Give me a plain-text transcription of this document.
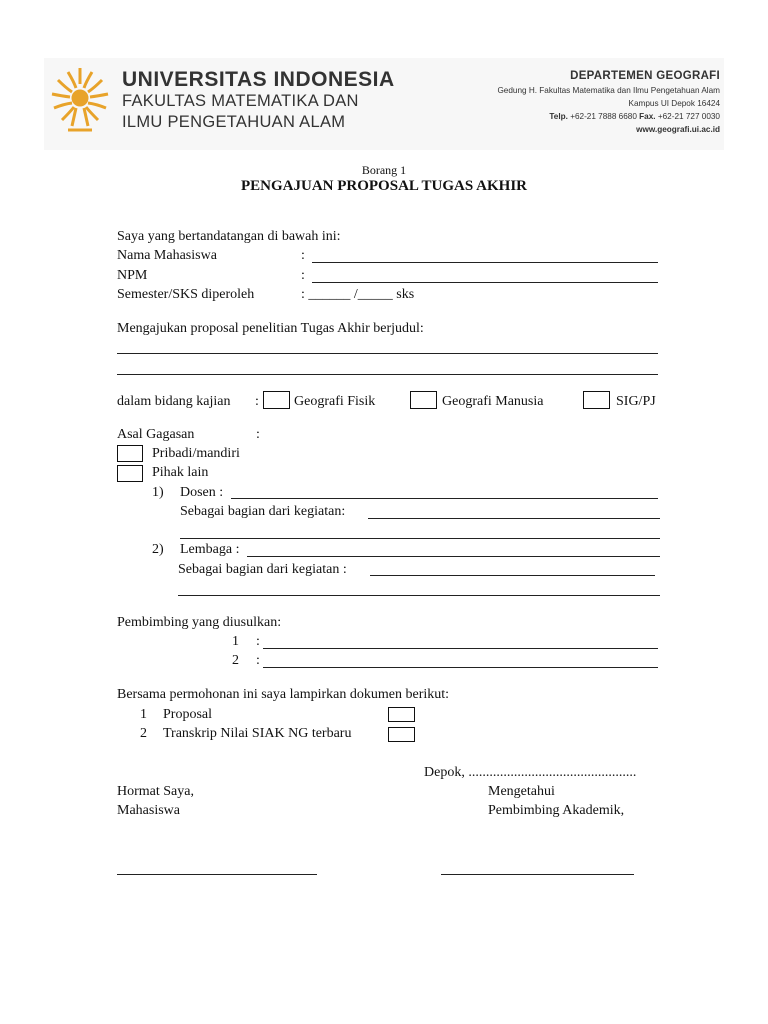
UNIVERSITAS INDONESIA
FAKULTAS MATEMATIKA DAN
ILMU PENGETAHUAN ALAM
DEPARTEMEN GEOGRAFI
Gedung H. Fakultas Matematika dan Ilmu Pengetahuan Alam
Kampus UI Depok 16424
Telp. +62-21 7888 6680 Fax. +62-21 727 0030
www.geografi.ui.ac.id
Borang 1
PENGAJUAN PROPOSAL TUGAS AKHIR
Saya yang bertandatangan di bawah ini:
Nama Mahasiswa	:
NPM	:
Semester/SKS diperoleh	: ______ /_____ sks
Mengajukan proposal penelitian Tugas Akhir berjudul:
dalam bidang kajian :	Geografi Fisik	Geografi Manusia	SIG/PJ
Asal Gagasan	:
Pribadi/mandiri
Pihak lain
1) Dosen :
Sebagai bagian dari kegiatan:
2) Lembaga :
Sebagai bagian dari kegiatan :
Pembimbing yang diusulkan:
1 :
2 :
Bersama permohonan ini saya lampirkan dokumen berikut:
1 Proposal
2 Transkrip Nilai SIAK NG terbaru
Depok, ................................................
Hormat Saya,
Mahasiswa
Mengetahui
Pembimbing Akademik,
